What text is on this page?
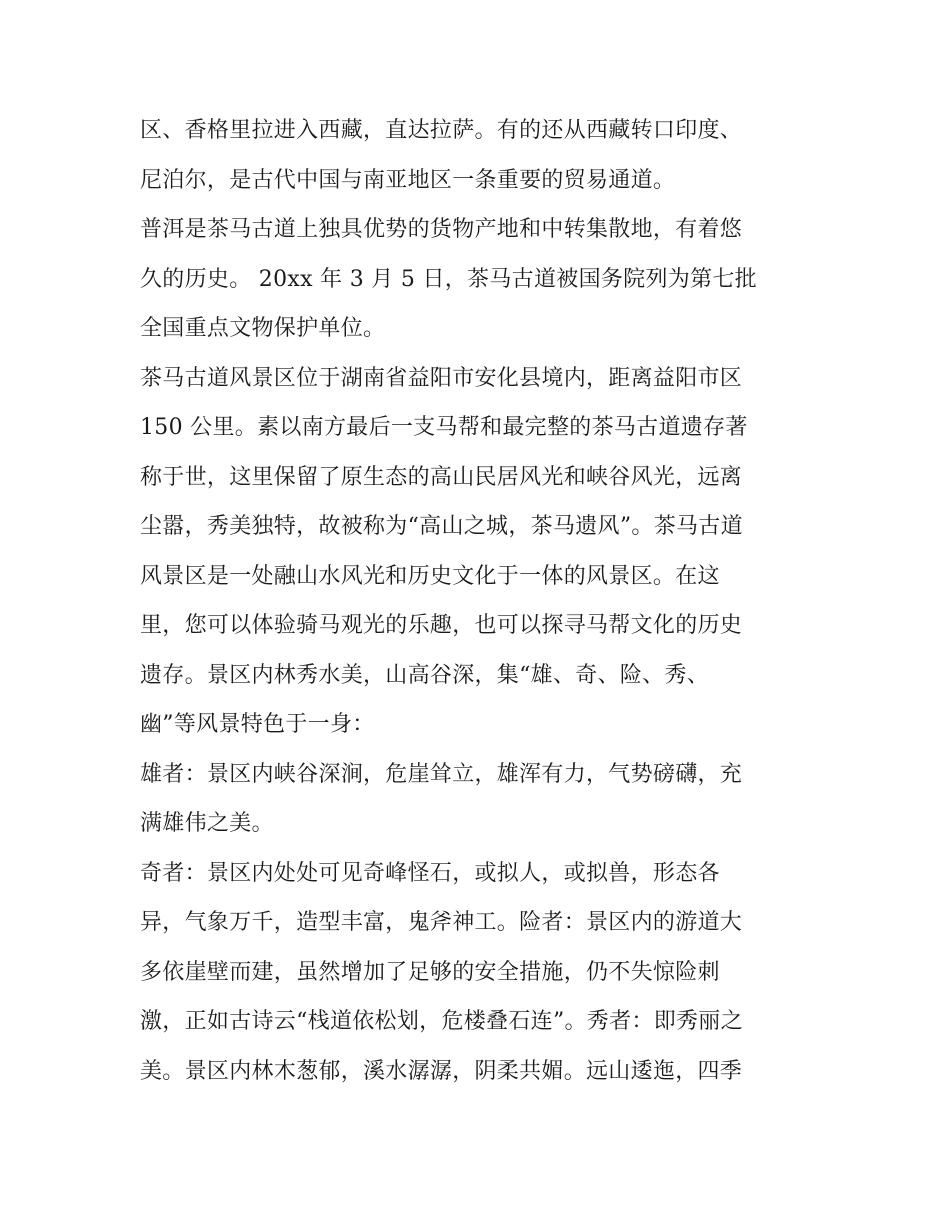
区、香格里拉进入西藏，直达拉萨。有的还从西藏转口印度、
尼泊尔，是古代中国与南亚地区一条重要的贸易通道。
普洱是茶马古道上独具优势的货物产地和中转集散地，有着悠
久的历史。 20xx 年 3 月 5 日，茶马古道被国务院列为第七批
全国重点文物保护单位。
茶马古道风景区位于湖南省益阳市安化县境内，距离益阳市区
150 公里。素以南方最后一支马帮和最完整的茶马古道遗存著
称于世，这里保留了原生态的高山民居风光和峡谷风光，远离
尘嚣，秀美独特，故被称为“高山之城，茶马遗风”。茶马古道
风景区是一处融山水风光和历史文化于一体的风景区。在这
里，您可以体验骑马观光的乐趣，也可以探寻马帮文化的历史
遗存。景区内林秀水美，山高谷深，集“雄、奇、险、秀、
幽”等风景特色于一身：
雄者：景区内峡谷深涧，危崖耸立，雄浑有力，气势磅礴，充
满雄伟之美。
奇者：景区内处处可见奇峰怪石，或拟人，或拟兽，形态各
异，气象万千，造型丰富，鬼斧神工。险者：景区内的游道大
多依崖壁而建，虽然增加了足够的安全措施，仍不失惊险刺
激，正如古诗云“栈道依松划，危楼叠石连”。秀者：即秀丽之
美。景区内林木葱郁，溪水潺潺，阴柔共媚。远山逶迤，四季
